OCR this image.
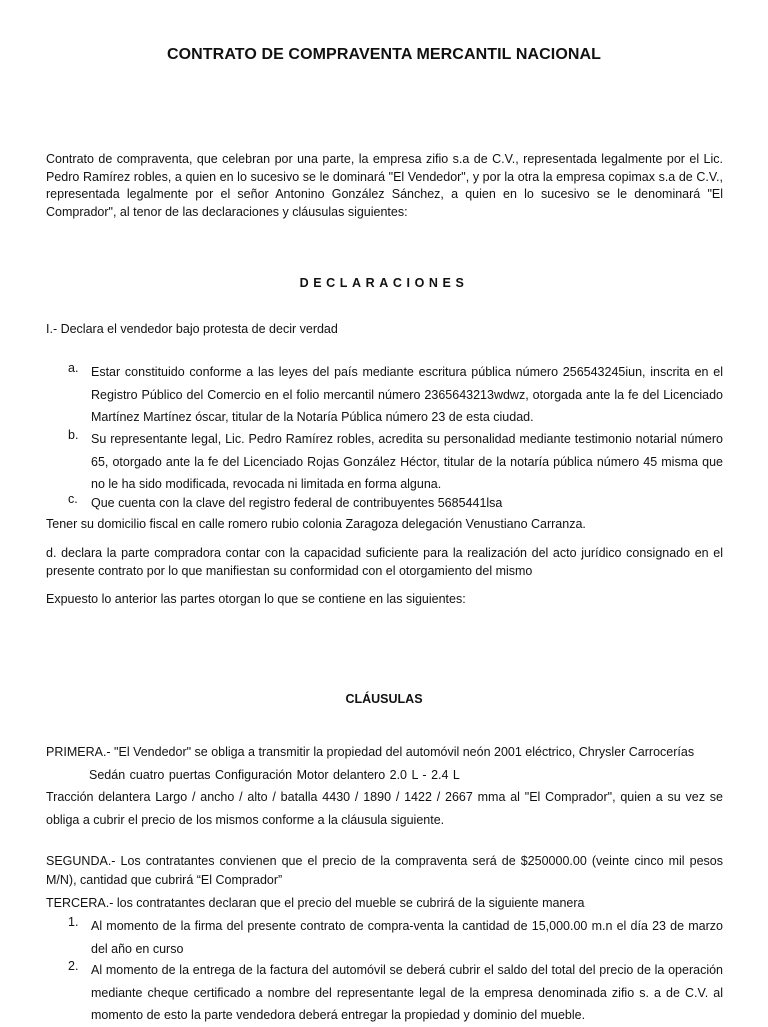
CONTRATO DE COMPRAVENTA MERCANTIL NACIONAL

Contrato de compraventa, que celebran por una parte, la empresa zifio s.a de C.V., representada legalmente por el Lic. Pedro Ramírez robles, a quien en lo sucesivo se le dominará "El Vendedor", y por la otra la empresa copimax s.a de C.V., representada legalmente por el señor Antonino González Sánchez, a quien en lo sucesivo se le denominará "El Comprador", al tenor de las declaraciones y cláusulas siguientes:

DECLARACIONES
I.- Declara el vendedor bajo protesta de decir verdad
a.	Estar constituido conforme a las leyes del país mediante escritura pública número 256543245iun, inscrita en el Registro Público del Comercio en el folio mercantil número 2365643213wdwz, otorgada ante la fe del Licenciado Martínez Martínez óscar, titular de la Notaría Pública número 23 de esta ciudad.
b.	Su representante legal, Lic. Pedro Ramírez robles, acredita su personalidad mediante testimonio notarial número 65, otorgado ante la fe del Licenciado Rojas González Héctor, titular de la notaría pública número 45 misma que no le ha sido modificada, revocada ni limitada en forma alguna.
c.	Que cuenta con la clave del registro federal de contribuyentes 5685441lsa
Tener su domicilio fiscal en calle romero rubio colonia Zaragoza delegación Venustiano Carranza.

d. declara la parte compradora contar con la capacidad suficiente para la realización del acto jurídico consignado en el presente contrato por lo que manifiestan su conformidad con el otorgamiento del mismo

Expuesto lo anterior las partes otorgan lo que se contiene en las siguientes:
CLÁUSULAS
PRIMERA.- "El Vendedor" se obliga a transmitir la propiedad del automóvil neón 2001 eléctrico, Chrysler Carrocerías
Sedán cuatro puertas Configuración Motor delantero 2.0 L - 2.4 L

Tracción delantera Largo / ancho / alto / batalla 4430 / 1890 / 1422 / 2667 mma al "El Comprador", quien a su vez se obliga a cubrir el precio de los mismos conforme a la cláusula siguiente.

SEGUNDA.- Los contratantes convienen que el precio de la compraventa será de $250000.00 (veinte cinco mil pesos M/N), cantidad que cubrirá “El Comprador”

TERCERA.- los contratantes declaran que el precio del mueble se cubrirá de la siguiente manera
1.	Al momento de la firma del presente contrato de compra-venta la cantidad de 15,000.00 m.n el día 23 de marzo del año en curso
2.	Al momento de la entrega de la factura del automóvil se deberá cubrir el saldo del total del precio de la operación mediante cheque certificado a nombre del representante legal de la empresa denominada zifio s. a de C.V. al momento de esto la parte vendedora deberá entregar la propiedad y dominio del mueble.
